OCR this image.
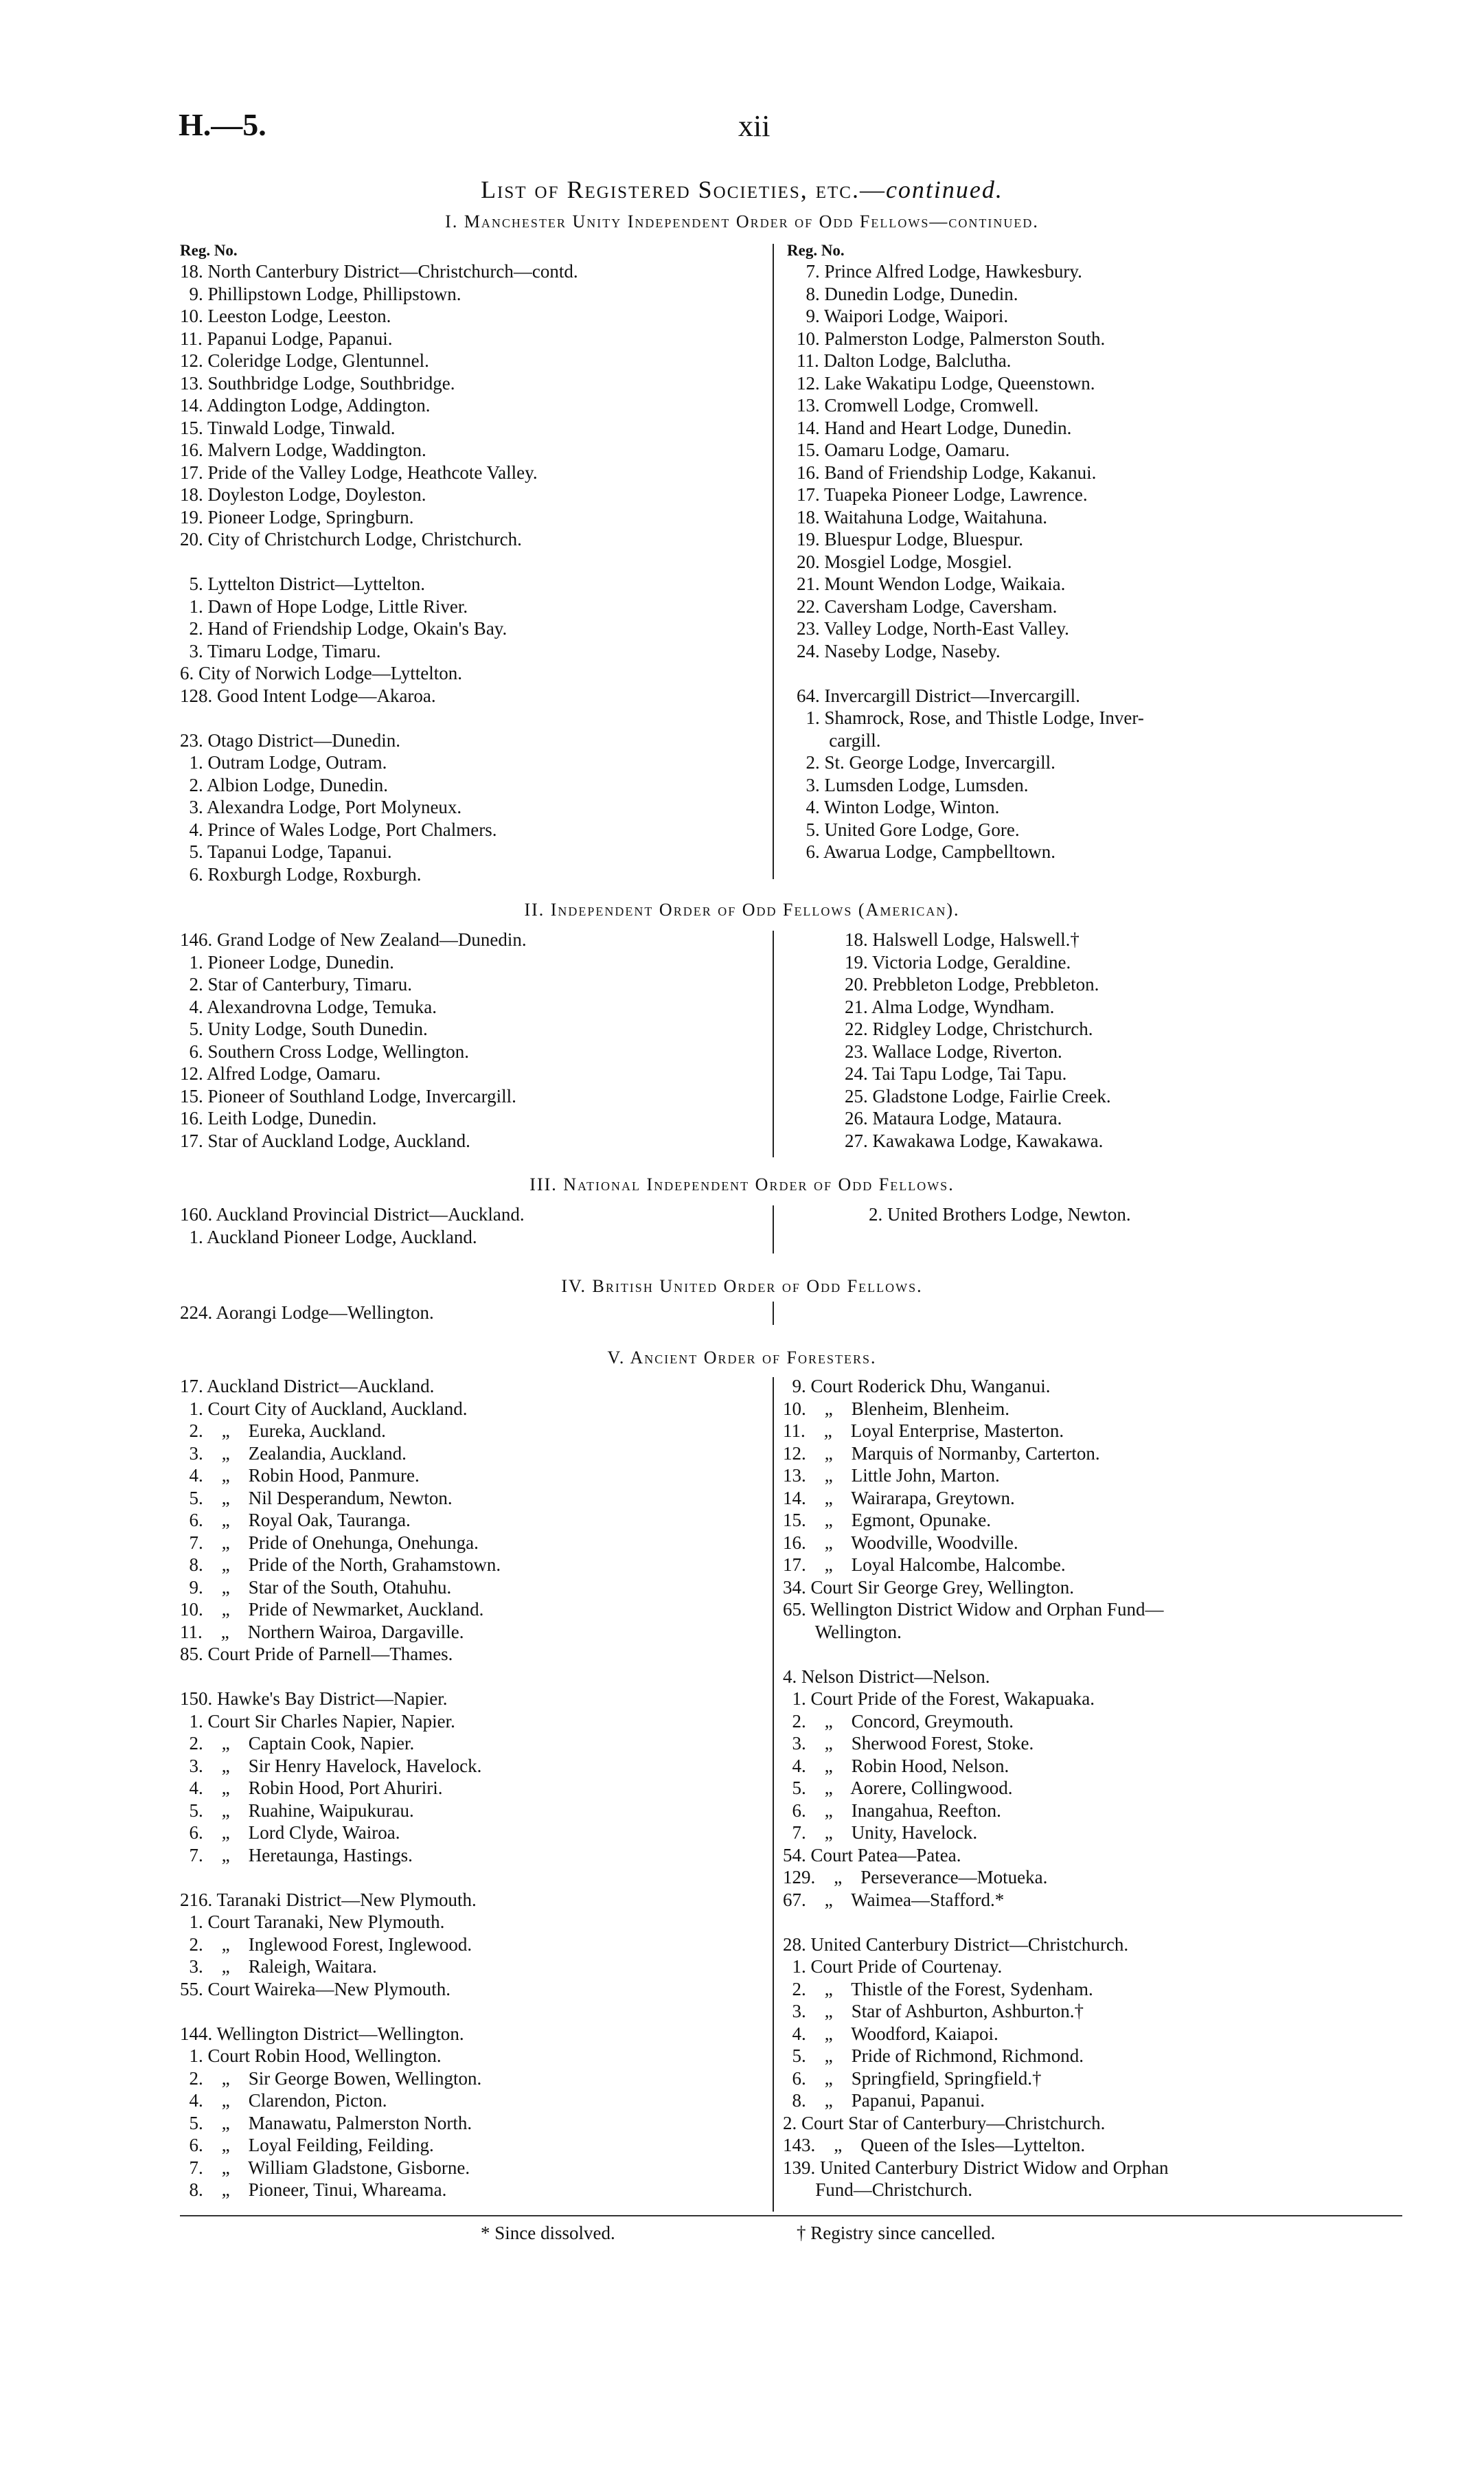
H.—5.	xii
List of Registered Societies, etc.—continued.
I. Manchester Unity Independent Order of Odd Fellows—continued.
Reg. No.	Reg. No.
18. North Canterbury District—Christchurch—contd.
9. Phillipstown Lodge, Phillipstown.
10. Leeston Lodge, Leeston.
11. Papanui Lodge, Papanui.
12. Coleridge Lodge, Glentunnel.
13. Southbridge Lodge, Southbridge.
14. Addington Lodge, Addington.
15. Tinwald Lodge, Tinwald.
16. Malvern Lodge, Waddington.
17. Pride of the Valley Lodge, Heathcote Valley.
18. Doyleston Lodge, Doyleston.
19. Pioneer Lodge, Springburn.
20. City of Christchurch Lodge, Christchurch.
5. Lyttelton District—Lyttelton.
1. Dawn of Hope Lodge, Little River.
2. Hand of Friendship Lodge, Okain's Bay.
3. Timaru Lodge, Timaru.
6. City of Norwich Lodge—Lyttelton.
128. Good Intent Lodge—Akaroa.
23. Otago District—Dunedin.
1. Outram Lodge, Outram.
2. Albion Lodge, Dunedin.
3. Alexandra Lodge, Port Molyneux.
4. Prince of Wales Lodge, Port Chalmers.
5. Tapanui Lodge, Tapanui.
6. Roxburgh Lodge, Roxburgh.
7. Prince Alfred Lodge, Hawkesbury.
8. Dunedin Lodge, Dunedin.
9. Waipori Lodge, Waipori.
10. Palmerston Lodge, Palmerston South.
11. Dalton Lodge, Balclutha.
12. Lake Wakatipu Lodge, Queenstown.
13. Cromwell Lodge, Cromwell.
14. Hand and Heart Lodge, Dunedin.
15. Oamaru Lodge, Oamaru.
16. Band of Friendship Lodge, Kakanui.
17. Tuapeka Pioneer Lodge, Lawrence.
18. Waitahuna Lodge, Waitahuna.
19. Bluespur Lodge, Bluespur.
20. Mosgiel Lodge, Mosgiel.
21. Mount Wendon Lodge, Waikaia.
22. Caversham Lodge, Caversham.
23. Valley Lodge, North-East Valley.
24. Naseby Lodge, Naseby.
64. Invercargill District—Invercargill.
1. Shamrock, Rose, and Thistle Lodge, Inver-
cargill.
2. St. George Lodge, Invercargill.
3. Lumsden Lodge, Lumsden.
4. Winton Lodge, Winton.
5. United Gore Lodge, Gore.
6. Awarua Lodge, Campbelltown.
II. Independent Order of Odd Fellows (American).
146. Grand Lodge of New Zealand—Dunedin.
1. Pioneer Lodge, Dunedin.
2. Star of Canterbury, Timaru.
4. Alexandrovna Lodge, Temuka.
5. Unity Lodge, South Dunedin.
6. Southern Cross Lodge, Wellington.
12. Alfred Lodge, Oamaru.
15. Pioneer of Southland Lodge, Invercargill.
16. Leith Lodge, Dunedin.
17. Star of Auckland Lodge, Auckland.
18. Halswell Lodge, Halswell.†
19. Victoria Lodge, Geraldine.
20. Prebbleton Lodge, Prebbleton.
21. Alma Lodge, Wyndham.
22. Ridgley Lodge, Christchurch.
23. Wallace Lodge, Riverton.
24. Tai Tapu Lodge, Tai Tapu.
25. Gladstone Lodge, Fairlie Creek.
26. Mataura Lodge, Mataura.
27. Kawakawa Lodge, Kawakawa.
III. National Independent Order of Odd Fellows.
160. Auckland Provincial District—Auckland.
1. Auckland Pioneer Lodge, Auckland.
2. United Brothers Lodge, Newton.
IV. British United Order of Odd Fellows.
224. Aorangi Lodge—Wellington.
V. Ancient Order of Foresters.
17. Auckland District—Auckland.
1. Court City of Auckland, Auckland.
2.    „    Eureka, Auckland.
3.    „    Zealandia, Auckland.
4.    „    Robin Hood, Panmure.
5.    „    Nil Desperandum, Newton.
6.    „    Royal Oak, Tauranga.
7.    „    Pride of Onehunga, Onehunga.
8.    „    Pride of the North, Grahamstown.
9.    „    Star of the South, Otahuhu.
10.    „    Pride of Newmarket, Auckland.
11.    „    Northern Wairoa, Dargaville.
85. Court Pride of Parnell—Thames.
150. Hawke's Bay District—Napier.
1. Court Sir Charles Napier, Napier.
2.    „    Captain Cook, Napier.
3.    „    Sir Henry Havelock, Havelock.
4.    „    Robin Hood, Port Ahuriri.
5.    „    Ruahine, Waipukurau.
6.    „    Lord Clyde, Wairoa.
7.    „    Heretaunga, Hastings.
216. Taranaki District—New Plymouth.
1. Court Taranaki, New Plymouth.
2.    „    Inglewood Forest, Inglewood.
3.    „    Raleigh, Waitara.
55. Court Waireka—New Plymouth.
144. Wellington District—Wellington.
1. Court Robin Hood, Wellington.
2.    „    Sir George Bowen, Wellington.
4.    „    Clarendon, Picton.
5.    „    Manawatu, Palmerston North.
6.    „    Loyal Feilding, Feilding.
7.    „    William Gladstone, Gisborne.
8.    „    Pioneer, Tinui, Whareama.
9. Court Roderick Dhu, Wanganui.
10.    „    Blenheim, Blenheim.
11.    „    Loyal Enterprise, Masterton.
12.    „    Marquis of Normanby, Carterton.
13.    „    Little John, Marton.
14.    „    Wairarapa, Greytown.
15.    „    Egmont, Opunake.
16.    „    Woodville, Woodville.
17.    „    Loyal Halcombe, Halcombe.
34. Court Sir George Grey, Wellington.
65. Wellington District Widow and Orphan Fund—
Wellington.
4. Nelson District—Nelson.
1. Court Pride of the Forest, Wakapuaka.
2.    „    Concord, Greymouth.
3.    „    Sherwood Forest, Stoke.
4.    „    Robin Hood, Nelson.
5.    „    Aorere, Collingwood.
6.    „    Inangahua, Reefton.
7.    „    Unity, Havelock.
54. Court Patea—Patea.
129.    „    Perseverance—Motueka.
67.    „    Waimea—Stafford.*
28. United Canterbury District—Christchurch.
1. Court Pride of Courtenay.
2.    „    Thistle of the Forest, Sydenham.
3.    „    Star of Ashburton, Ashburton.†
4.    „    Woodford, Kaiapoi.
5.    „    Pride of Richmond, Richmond.
6.    „    Springfield, Springfield.†
8.    „    Papanui, Papanui.
2. Court Star of Canterbury—Christchurch.
143.    „    Queen of the Isles—Lyttelton.
139. United Canterbury District Widow and Orphan
Fund—Christchurch.
* Since dissolved.	† Registry since cancelled.
